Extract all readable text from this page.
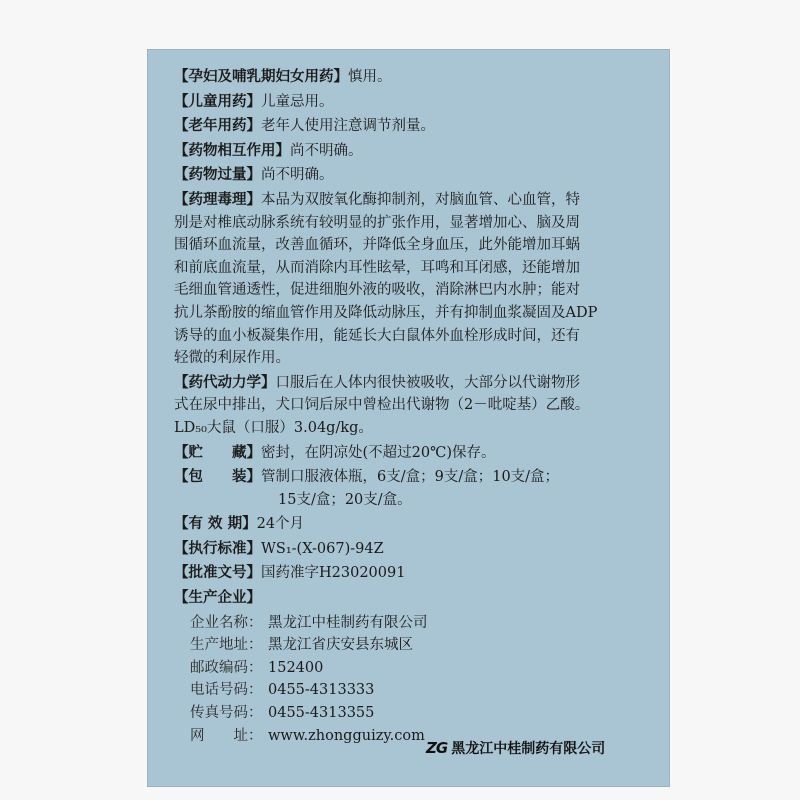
【孕妇及哺乳期妇女用药】慎用。
【儿童用药】儿童忌用。
【老年用药】老年人使用注意调节剂量。
【药物相互作用】尚不明确。
【药物过量】尚不明确。
【药理毒理】本品为双胺氧化酶抑制剂，对脑血管、心血管，特
别是对椎底动脉系统有较明显的扩张作用，显著增加心、脑及周
围循环血流量，改善血循环，并降低全身血压，此外能增加耳蜗
和前底血流量，从而消除内耳性眩晕，耳鸣和耳闭感，还能增加
毛细血管通透性，促进细胞外液的吸收，消除淋巴内水肿；能对
抗儿茶酚胺的缩血管作用及降低动脉压，并有抑制血浆凝固及ADP
诱导的血小板凝集作用，能延长大白鼠体外血栓形成时间，还有
轻微的利尿作用。
【药代动力学】口服后在人体内很快被吸收，大部分以代谢物形
式在尿中排出，犬口饲后尿中曾检出代谢物（2－吡啶基）乙酸。
LD₅₀大鼠（口服）3.04g/kg。
【贮　　藏】密封，在阴凉处(不超过20℃)保存。
【包　　装】管制口服液体瓶，6支/盒；9支/盒；10支/盒；
15支/盒；20支/盒。
【有 效 期】24个月
【执行标准】WS₁-(X-067)-94Z
【批准文号】国药准字H23020091
【生产企业】
企业名称： 黑龙江中桂制药有限公司
生产地址： 黑龙江省庆安县东城区
邮政编码： 152400
电话号码： 0455-4313333
传真号码： 0455-4313355
网　　址： www.zhongguizy.com
ZG 黑龙江中桂制药有限公司
